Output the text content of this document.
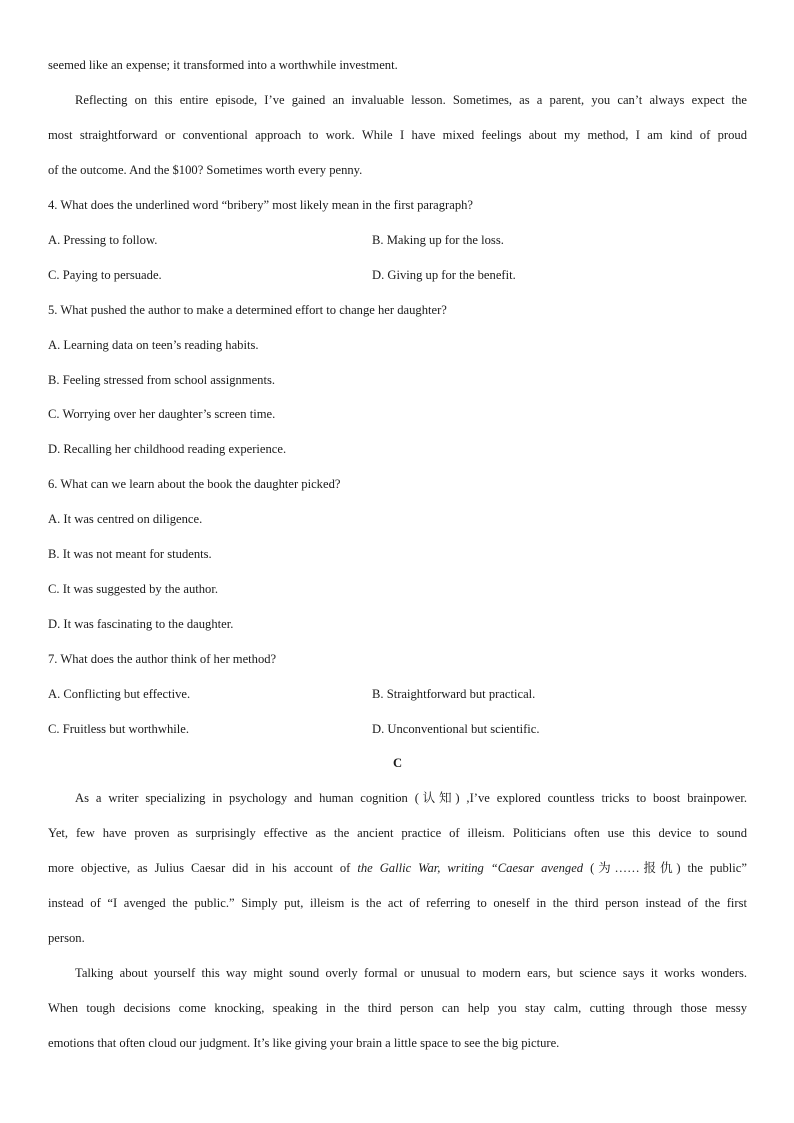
seemed like an expense; it transformed into a worthwhile investment.
Reflecting on this entire episode, I’ve gained an invaluable lesson. Sometimes, as a parent, you can’t always expect the
most straightforward or conventional approach to work. While I have mixed feelings about my method, I am kind of proud
of the outcome. And the $100? Sometimes worth every penny.
4. What does the underlined word “bribery” most likely mean in the first paragraph?
A. Pressing to follow.	B. Making up for the loss.
C. Paying to persuade.	D. Giving up for the benefit.
5. What pushed the author to make a determined effort to change her daughter?
A. Learning data on teen’s reading habits.
B. Feeling stressed from school assignments.
C. Worrying over her daughter’s screen time.
D. Recalling her childhood reading experience.
6. What can we learn about the book the daughter picked?
A. It was centred on diligence.
B. It was not meant for students.
C. It was suggested by the author.
D. It was fascinating to the daughter.
7. What does the author think of her method?
A. Conflicting but effective.	B. Straightforward but practical.
C. Fruitless but worthwhile.	D. Unconventional but scientific.
C
As a writer specializing in psychology and human cognition (认知) ,I’ve explored countless tricks to boost brainpower.
Yet, few have proven as surprisingly effective as the ancient practice of illeism. Politicians often use this device to sound
more objective, as Julius Caesar did in his account of the Gallic War, writing “Caesar avenged (为……报仇) the public”
instead of “I avenged the public.” Simply put, illeism is the act of referring to oneself in the third person instead of the first
person.
Talking about yourself this way might sound overly formal or unusual to modern ears, but science says it works wonders.
When tough decisions come knocking, speaking in the third person can help you stay calm, cutting through those messy
emotions that often cloud our judgment. It’s like giving your brain a little space to see the big picture.
